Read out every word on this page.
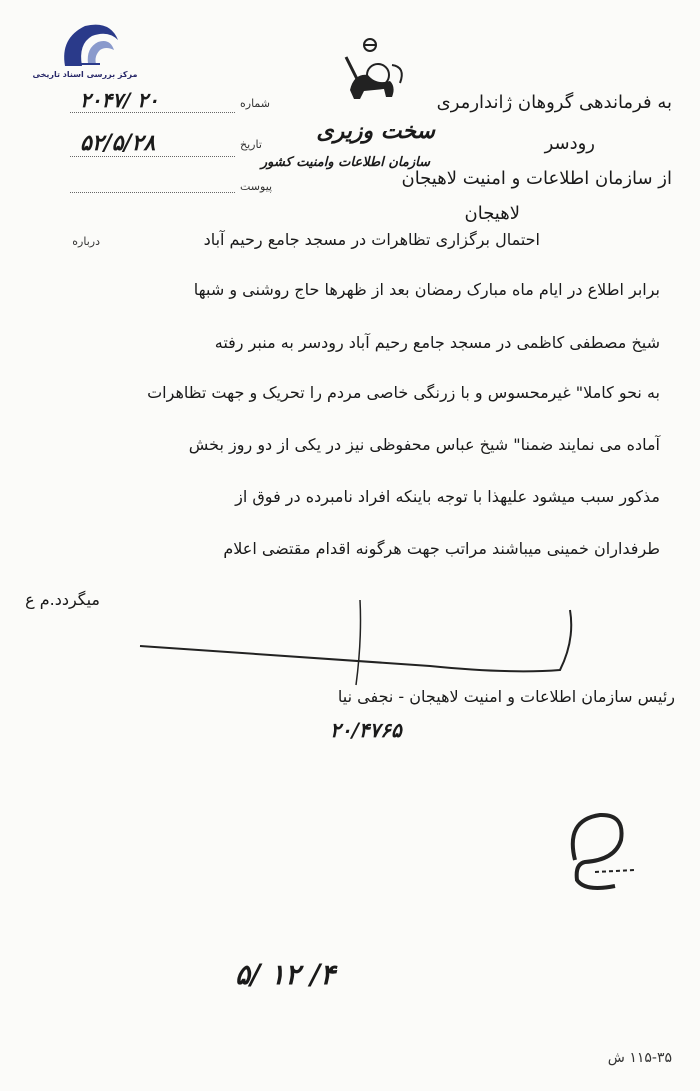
مرکز بررسی اسناد تاریخی
به فرماندهی گروهان ژاندارمری
رودسر
سخت وزیری
از سازمان اطلاعات و امنیت لاهیجان
سازمان اطلاعات وامنیت کشور
لاهیجان
شماره
۲۰۴۷/ ۲۰
تاریخ
۵۲/۵/۲۸
پیوست
درباره	احتمال برگزاری تظاهرات در مسجد جامع رحیم آباد
برابر اطلاع در ایام ماه مبارک رمضان بعد از ظهرها حاج روشنی و شبها
شیخ مصطفی کاظمی در مسجد جامع رحیم آباد رودسر به منبر رفته
به نحو کاملا" غیرمحسوس و با زرنگی خاصی مردم را تحریک و جهت تظاهرات
آماده می نمایند ضمنا" شیخ عباس محفوظی نیز در یکی از دو روز بخش
مذکور سبب میشود علیهذا با توجه باینکه افراد نامبرده در فوق از
طرفداران خمینی میباشند مراتب جهت هرگونه اقدام مقتضی اعلام
میگردد.م ع
رئیس سازمان اطلاعات و امنیت لاهیجان - نجفی نیا
۲۰/۴۷۶۵
۵/ ۱۲ /۴
۱۱۵-۳۵ ش
